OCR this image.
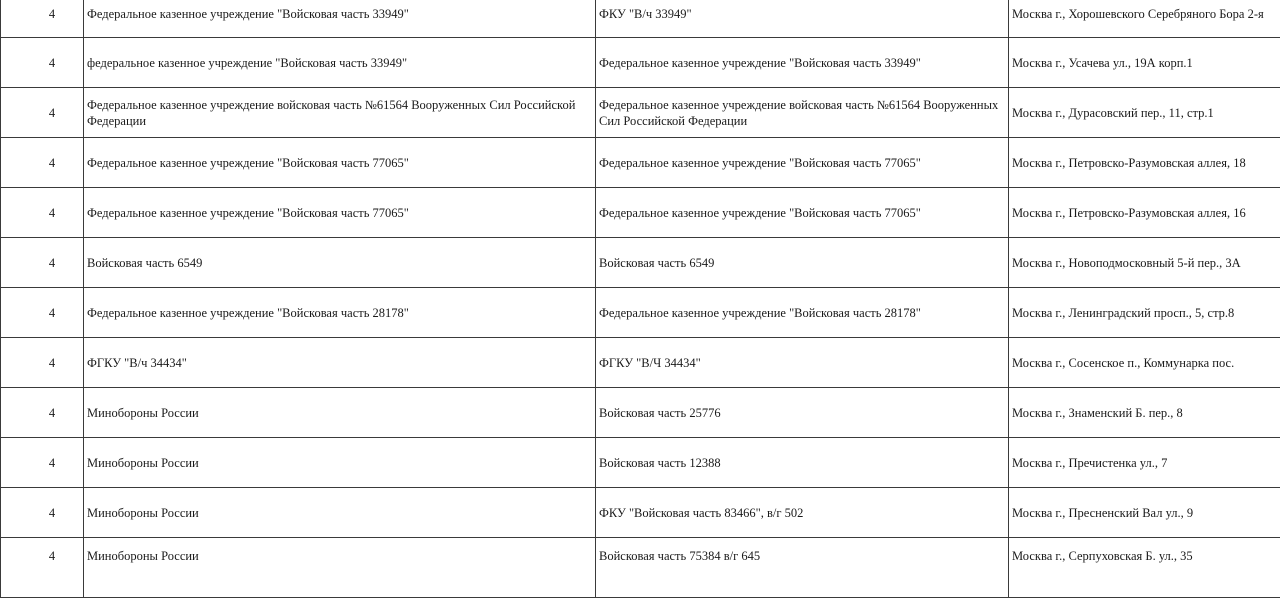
4	Федеральное казенное учреждение "Войсковая часть 33949"	ФКУ "В/ч 33949"	Москва г., Хорошевского Серебряного Бора 2-я
4	федеральное казенное учреждение "Войсковая часть 33949"	Федеральное казенное учреждение "Войсковая часть 33949"	Москва г., Усачева ул., 19А корп.1
4	Федеральное казенное учреждение войсковая часть №61564 Вооруженных Сил Российской Федерации	Федеральное казенное учреждение войсковая часть №61564 Вооруженных Сил Российской Федерации	Москва г., Дурасовский пер., 11, стр.1
4	Федеральное казенное учреждение "Войсковая часть 77065"	Федеральное казенное учреждение "Войсковая часть 77065"	Москва г., Петровско-Разумовская аллея, 18
4	Федеральное казенное учреждение "Войсковая часть 77065"	Федеральное казенное учреждение "Войсковая часть 77065"	Москва г., Петровско-Разумовская аллея, 16
4	Войсковая часть 6549	Войсковая часть 6549	Москва г., Новоподмосковный 5-й пер., 3А
4	Федеральное казенное учреждение "Войсковая часть 28178"	Федеральное казенное учреждение "Войсковая часть 28178"	Москва г., Ленинградский просп., 5, стр.8
4	ФГКУ "В/ч 34434"	ФГКУ "В/Ч 34434"	Москва г., Сосенское п., Коммунарка пос.
4	Минобороны России	Войсковая часть 25776	Москва г., Знаменский Б. пер., 8
4	Минобороны России	Войсковая часть 12388	Москва г., Пречистенка ул., 7
4	Минобороны России	ФКУ "Войсковая часть 83466", в/г 502	Москва г., Пресненский Вал ул., 9
4	Минобороны России	Войсковая часть 75384 в/г 645	Москва г., Серпуховская Б. ул., 35
